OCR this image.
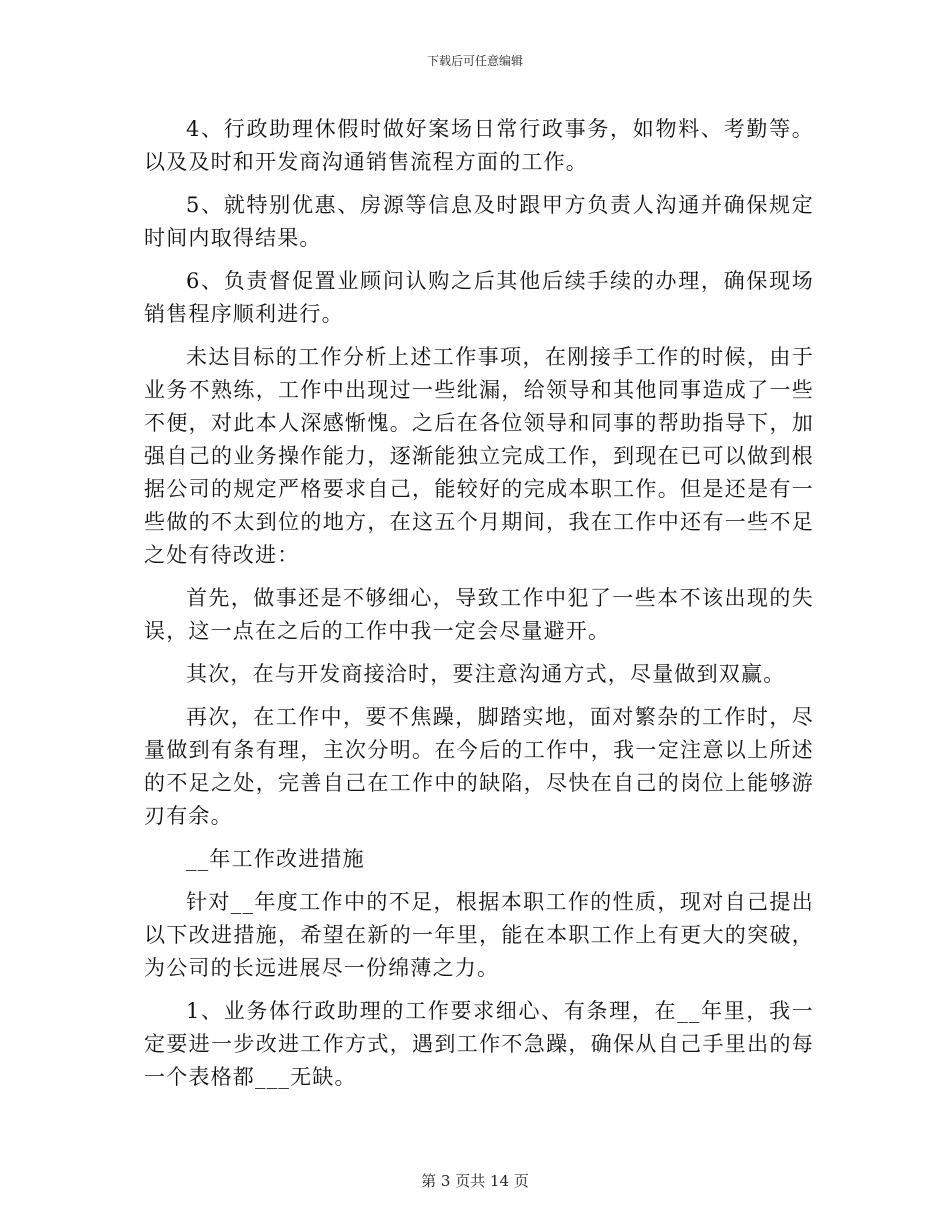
下载后可任意编辑

4、行政助理休假时做好案场日常行政事务，如物料、考勤等。以及及时和开发商沟通销售流程方面的工作。

5、就特别优惠、房源等信息及时跟甲方负责人沟通并确保规定时间内取得结果。

6、负责督促置业顾问认购之后其他后续手续的办理，确保现场销售程序顺利进行。

未达目标的工作分析上述工作事项，在刚接手工作的时候，由于业务不熟练，工作中出现过一些纰漏，给领导和其他同事造成了一些不便，对此本人深感惭愧。之后在各位领导和同事的帮助指导下，加强自己的业务操作能力，逐渐能独立完成工作，到现在已可以做到根据公司的规定严格要求自己，能较好的完成本职工作。但是还是有一些做的不太到位的地方，在这五个月期间，我在工作中还有一些不足之处有待改进：

首先，做事还是不够细心，导致工作中犯了一些本不该出现的失误，这一点在之后的工作中我一定会尽量避开。

其次，在与开发商接洽时，要注意沟通方式，尽量做到双赢。

再次，在工作中，要不焦躁，脚踏实地，面对繁杂的工作时，尽量做到有条有理，主次分明。在今后的工作中，我一定注意以上所述的不足之处，完善自己在工作中的缺陷，尽快在自己的岗位上能够游刃有余。

__年工作改进措施

针对__年度工作中的不足，根据本职工作的性质，现对自己提出以下改进措施，希望在新的一年里，能在本职工作上有更大的突破，为公司的长远进展尽一份绵薄之力。

1、业务体行政助理的工作要求细心、有条理，在__年里，我一定要进一步改进工作方式，遇到工作不急躁，确保从自己手里出的每一个表格都___无缺。

第 3 页共 14 页
